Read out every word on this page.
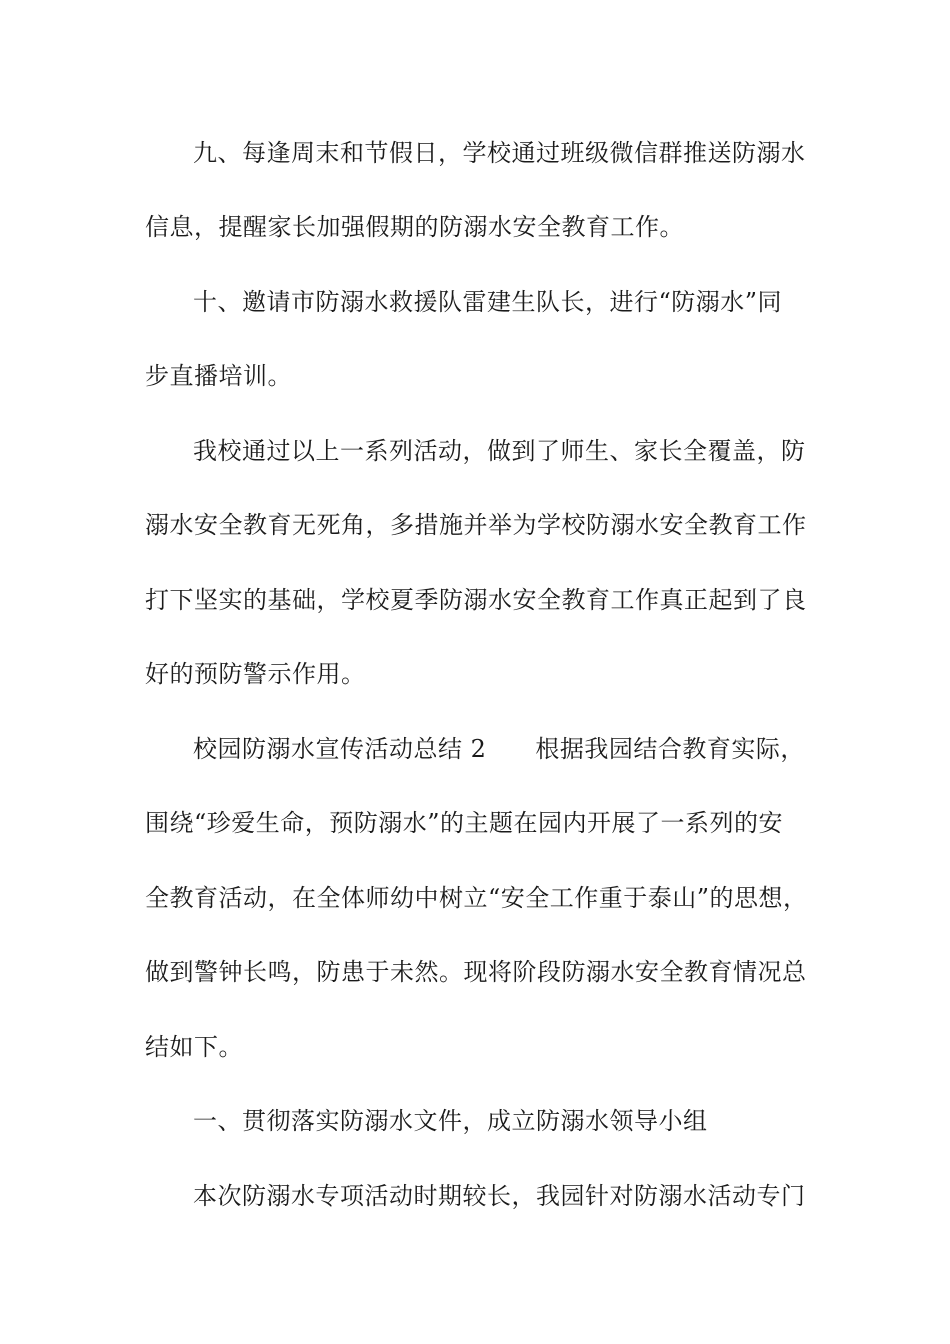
九、每逢周末和节假日，学校通过班级微信群推送防溺水
信息，提醒家长加强假期的防溺水安全教育工作。
十、邀请市防溺水救援队雷建生队长，进行“防溺水”同
步直播培训。
我校通过以上一系列活动，做到了师生、家长全覆盖，防
溺水安全教育无死角，多措施并举为学校防溺水安全教育工作
打下坚实的基础，学校夏季防溺水安全教育工作真正起到了良
好的预防警示作用。
校园防溺水宣传活动总结 2　　根据我园结合教育实际，
围绕“珍爱生命，预防溺水”的主题在园内开展了一系列的安
全教育活动，在全体师幼中树立“安全工作重于泰山”的思想，
做到警钟长鸣，防患于未然。现将阶段防溺水安全教育情况总
结如下。
一、贯彻落实防溺水文件，成立防溺水领导小组
本次防溺水专项活动时期较长，我园针对防溺水活动专门
